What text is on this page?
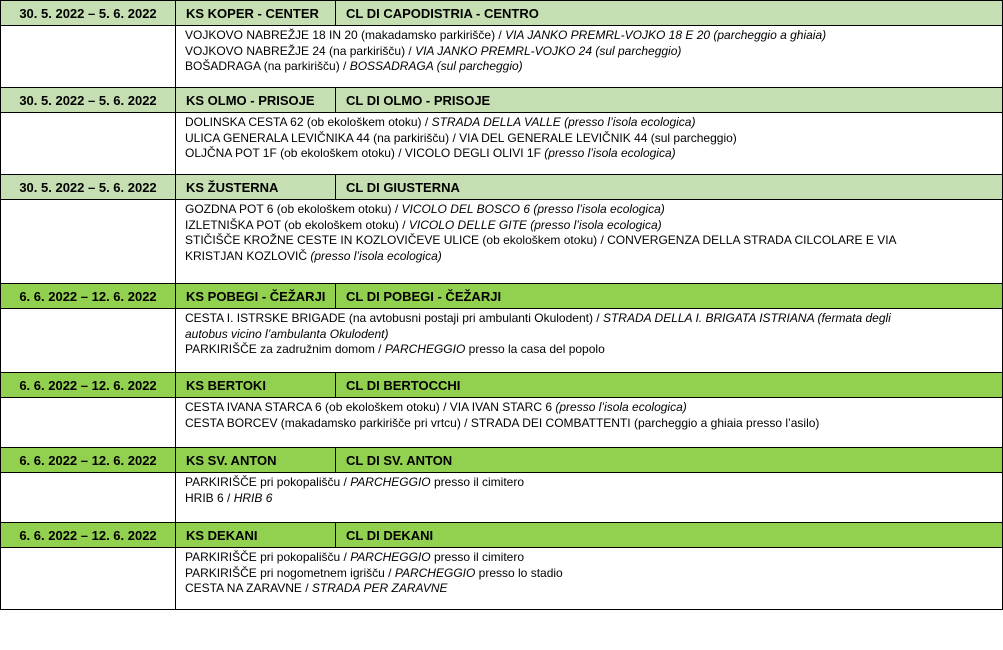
30. 5. 2022 – 5. 6. 2022	KS KOPER - CENTER	CL DI CAPODISTRIA - CENTRO

	VOJKOVO NABREŽJE 18 IN 20 (makadamsko parkirišče) / VIA JANKO PREMRL-VOJKO 18 E 20 (parcheggio a ghiaia)
VOJKOVO NABREŽJE 24 (na parkirišču) / VIA JANKO PREMRL-VOJKO 24 (sul parcheggio)
BOŠADRAGA (na parkirišču) / BOSSADRAGA (sul parcheggio)	

30. 5. 2022 – 5. 6. 2022	KS OLMO - PRISOJE	CL DI OLMO - PRISOJE

	DOLINSKA CESTA 62 (ob ekološkem otoku) / STRADA DELLA VALLE (presso l’isola ecologica)
ULICA GENERALA LEVIČNIKA 44 (na parkirišču) / VIA DEL GENERALE LEVIČNIK 44 (sul parcheggio)
OLJČNA POT 1F (ob ekološkem otoku) / VICOLO DEGLI OLIVI 1F (presso l’isola ecologica)	

30. 5. 2022 – 5. 6. 2022	KS ŽUSTERNA	CL DI GIUSTERNA

	GOZDNA POT 6 (ob ekološkem otoku) / VICOLO DEL BOSCO 6 (presso l’isola ecologica)
IZLETNIŠKA POT (ob ekološkem otoku) / VICOLO DELLE GITE (presso l’isola ecologica)
STIČIŠČE KROŽNE CESTE IN KOZLOVIČEVE ULICE (ob ekološkem otoku) / CONVERGENZA DELLA STRADA CILCOLARE E VIA
KRISTJAN KOZLOVIČ (presso l’isola ecologica)	

6. 6. 2022 – 12. 6. 2022	KS POBEGI - ČEŽARJI	CL DI POBEGI - ČEŽARJI

	CESTA I. ISTRSKE BRIGADE (na avtobusni postaji pri ambulanti Okulodent) / STRADA DELLA I. BRIGATA ISTRIANA (fermata degli
autobus vicino l’ambulanta Okulodent)
PARKIRIŠČE za zadružnim domom / PARCHEGGIO presso la casa del popolo	

6. 6. 2022 – 12. 6. 2022	KS BERTOKI	CL DI BERTOCCHI

	CESTA IVANA STARCA 6 (ob ekološkem otoku) / VIA IVAN STARC 6 (presso l’isola ecologica)
CESTA BORCEV (makadamsko parkirišče pri vrtcu) / STRADA DEI COMBATTENTI (parcheggio a ghiaia presso l’asilo)	

6. 6. 2022 – 12. 6. 2022	KS SV. ANTON	CL DI SV. ANTON

	PARKIRIŠČE pri pokopališču / PARCHEGGIO presso il cimitero
HRIB 6 / HRIB 6	

6. 6. 2022 – 12. 6. 2022	KS DEKANI	CL DI DEKANI

	PARKIRIŠČE pri pokopališču / PARCHEGGIO presso il cimitero
PARKIRIŠČE pri nogometnem igrišču / PARCHEGGIO presso lo stadio
CESTA NA ZARAVNE / STRADA PER ZARAVNE	
